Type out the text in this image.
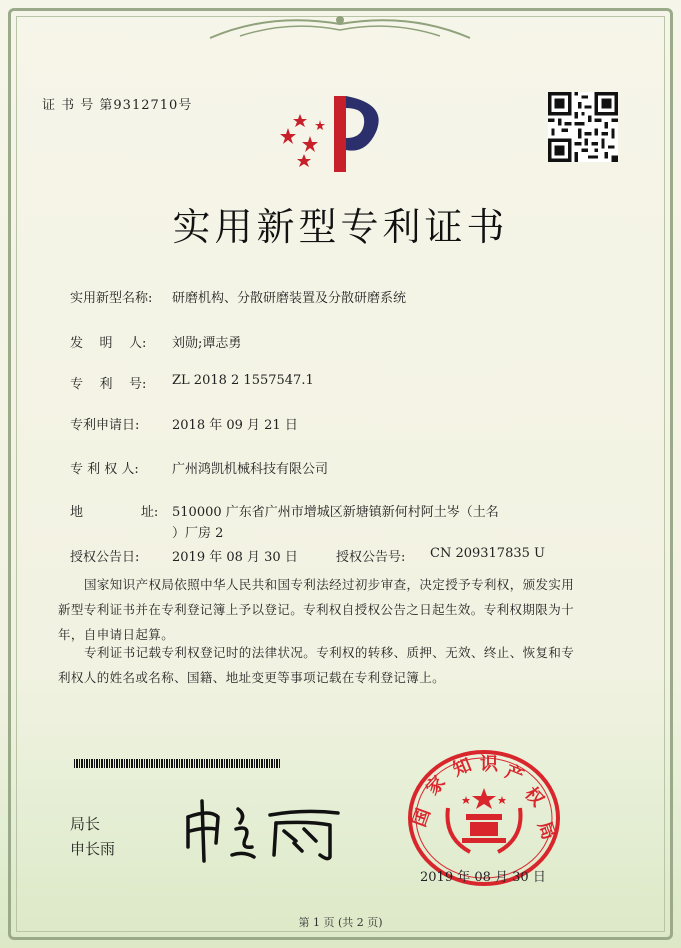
证 书 号 第9312710号
实用新型专利证书
实用新型名称: 研磨机构、分散研磨装置及分散研磨系统
发    明    人: 刘勋;谭志勇
专    利    号: ZL 2018 2 1557547.1
专利申请日:	2018 年 09 月 21 日
专 利 权 人:	广州鸿凯机械科技有限公司
地              址: 510000 广东省广州市增城区新塘镇新何村阿土岑（土名
）厂房 2
授权公告日:	2019 年 08 月 30 日	授权公告号: CN 209317835 U
国家知识产权局依照中华人民共和国专利法经过初步审查，决定授予专利权，颁发实用
新型专利证书并在专利登记簿上予以登记。专利权自授权公告之日起生效。专利权期限为十
年，自申请日起算。
专利证书记载专利权登记时的法律状况。专利权的转移、质押、无效、终止、恢复和专
利权人的姓名或名称、国籍、地址变更等事项记载在专利登记簿上。
局长
申长雨
国
家
知 识 产
权
局
2019 年 08 月 30 日
第 1 页 (共 2 页)
